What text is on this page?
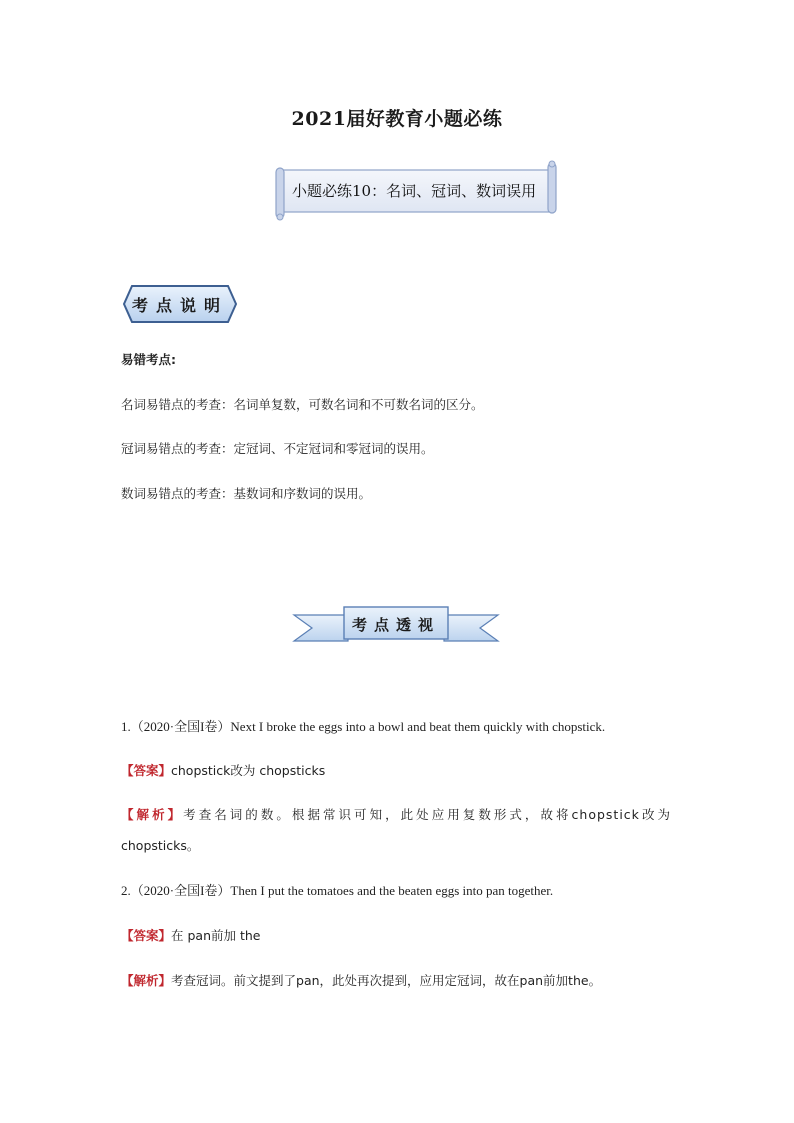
2021届好教育小题必练
小题必练10：名词、冠词、数词误用
考点说明
易错考点:
名词易错点的考查：名词单复数，可数名词和不可数名词的区分。
冠词易错点的考查：定冠词、不定冠词和零冠词的误用。
数词易错点的考查：基数词和序数词的误用。
考点透视
1.（2020·全国I卷）Next I broke the eggs into a bowl and beat them quickly with chopstick.
【答案】chopstick改为 chopsticks
【解析】考查名词的数。根据常识可知，此处应用复数形式，故将chopstick改为
chopsticks。
2.（2020·全国I卷）Then I put the tomatoes and the beaten eggs into pan together.
【答案】在 pan前加 the
【解析】考查冠词。前文提到了pan，此处再次提到，应用定冠词，故在pan前加the。
